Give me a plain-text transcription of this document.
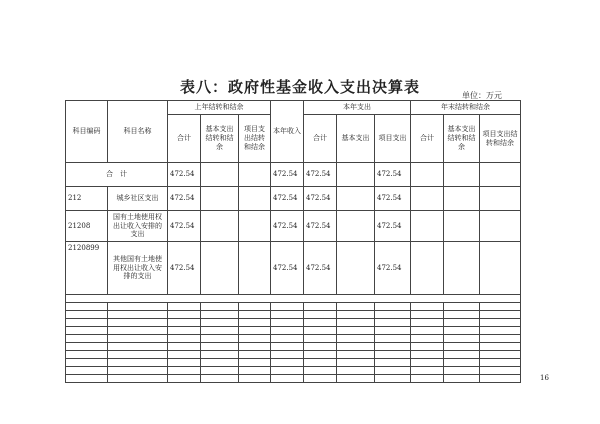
表八：政府性基金收入支出决算表	单位：万元
科目编码	科目名称	上年结转和结余			本年收入	本年支出			年末结转和结余		
		合计	基本支出结转和结余	项目支出结转和结余		合计	基本支出	项目支出	合计	基本支出结转和结余	项目支出结转和结余
合　计		472.54			472.54	472.54		472.54			
212	城乡社区支出	472.54			472.54	472.54		472.54			
21208	国有土地使用权出让收入安排的支出	472.54			472.54	472.54		472.54			
2120899	其他国有土地使用权出让收入安排的支出	472.54			472.54	472.54		472.54			

16
